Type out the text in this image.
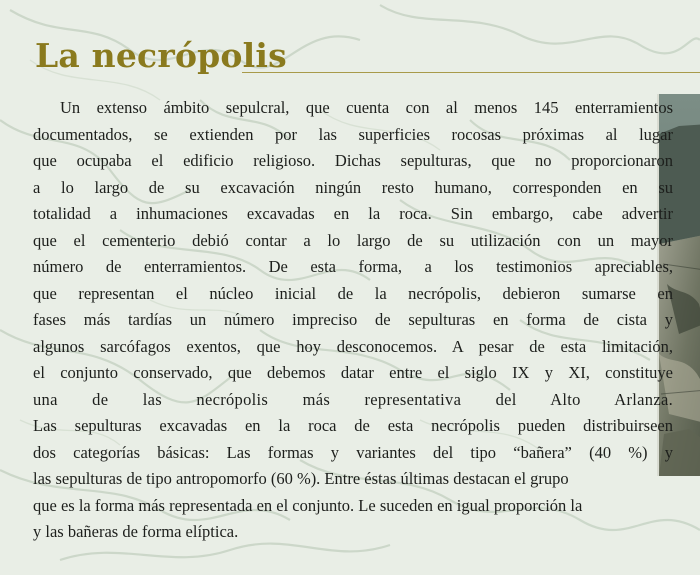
La necrópolis
Un extenso ámbito sepulcral, que cuenta con al menos 145 enterramientos
documentados, se extienden por las superficies rocosas próximas al lugar
que ocupaba el edificio religioso. Dichas sepulturas, que no proporcionaron
a lo largo de su excavación ningún resto humano, corresponden en su
totalidad a inhumaciones excavadas en la roca. Sin embargo, cabe advertir
que el cementerio debió contar a lo largo de su utilización con un mayor
número de enterramientos. De esta forma, a los testimonios apreciables,
que representan el núcleo inicial de la necrópolis, debieron sumarse en
fases más tardías un número impreciso de sepulturas en forma de cista y
algunos sarcófagos exentos, que hoy desconocemos. A pesar de esta limitación,
el conjunto conservado, que debemos datar entre el siglo IX y XI, constituye
una de las necrópolis más representativa del Alto Arlanza.
Las sepulturas excavadas en la roca de esta necrópolis pueden distribuirseen
dos categorías básicas: Las formas y variantes del tipo “bañera” (40 %) y
las sepulturas de tipo antropomorfo (60 %). Entre éstas últimas destacan el grupo
que es la forma más representada en el conjunto. Le suceden en igual proporción la
y las bañeras de forma elíptica.
